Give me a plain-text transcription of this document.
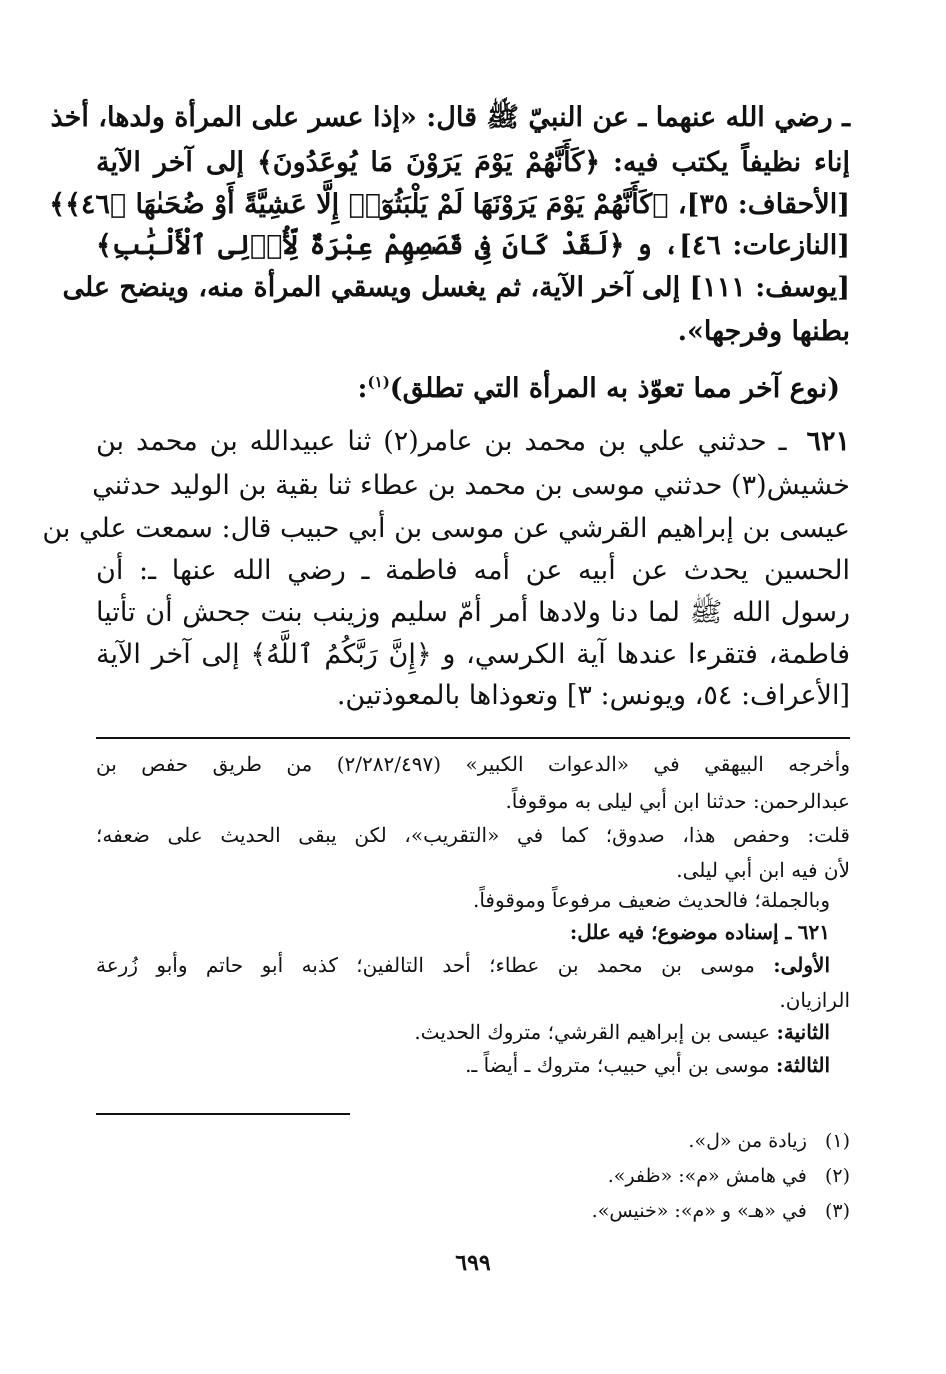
ـ رضي الله عنهما ـ عن النبيّ ﷺ قال: «إذا عسر على المرأة ولدها، أخذ
إناء نظيفاً يكتب فيه: ﴿كَأَنَّهُمْ يَوْمَ يَرَوْنَ مَا يُوعَدُونَ﴾ إلى آخر الآية
[الأحقاف: ٣٥]، ﴿كَأَنَّهُمْ يَوْمَ يَرَوْنَهَا لَمْ يَلْبَثُوٓا۟ إِلَّا عَشِيَّةً أَوْ ضُحَىٰهَا ﴿٤٦﴾﴾
[النازعات: ٤٦]، و ﴿لَقَدْ كَانَ فِى قَصَصِهِمْ عِبْرَةٌ لِّأُو۟لِى ٱلْأَلْبَٰبِ﴾
[يوسف: ١١١] إلى آخر الآية، ثم يغسل ويسقي المرأة منه، وينضح على
بطنها وفرجها».
(نوع آخر مما تعوّذ به المرأة التي تطلق)$^{(١)}$:
٦٢١ ـ حدثني علي بن محمد بن عامر(٢) ثنا عبيدالله بن محمد بن
خشيش(٣) حدثني موسى بن محمد بن عطاء ثنا بقية بن الوليد حدثني
عيسى بن إبراهيم القرشي عن موسى بن أبي حبيب قال: سمعت علي بن
الحسين يحدث عن أبيه عن أمه فاطمة ـ رضي الله عنها ـ: أن
رسول الله ﷺ لما دنا ولادها أمر أمّ سليم وزينب بنت جحش أن تأتيا
فاطمة، فتقرءا عندها آية الكرسي، و ﴿إِنَّ رَبَّكُمُ ٱللَّهُ﴾ إلى آخر الآية
[الأعراف: ٥٤، ويونس: ٣] وتعوذاها بالمعوذتين.
وأخرجه البيهقي في «الدعوات الكبير» (٢/٢٨٢/٤٩٧) من طريق حفص بن
عبدالرحمن: حدثنا ابن أبي ليلى به موقوفاً.
قلت: وحفص هذا، صدوق؛ كما في «التقريب»، لكن يبقى الحديث على ضعفه؛
لأن فيه ابن أبي ليلى.
وبالجملة؛ فالحديث ضعيف مرفوعاً وموقوفاً.
٦٢١ ـ إسناده موضوع؛ فيه علل:
الأولى: موسى بن محمد بن عطاء؛ أحد التالفين؛ كذبه أبو حاتم وأبو زُرعة
الرازيان.
الثانية: عيسى بن إبراهيم القرشي؛ متروك الحديث.
الثالثة: موسى بن أبي حبيب؛ متروك ـ أيضاً ـ.
(١) زيادة من «ل».
(٢) في هامش «م»: «ظفر».
(٣) في «هـ» و «م»: «خنيس».
٦٩٩
